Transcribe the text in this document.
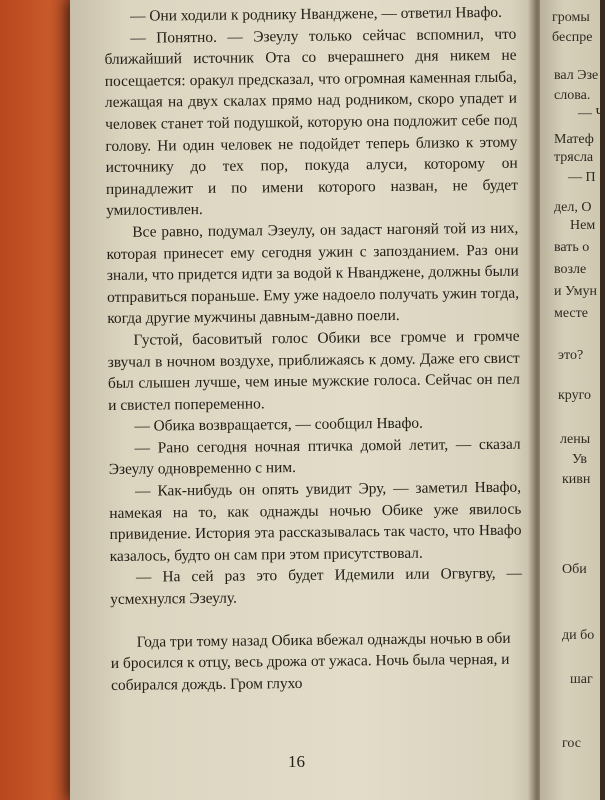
громы
беспре
вал Эзе
слова.
— Ч
Матеф
трясла
— П
дел, О
Нем
вать о
возле
и Умун
месте
это?
круго
лены
Ув
кивн
Оби
ди бо
шаг
гос

— Они ходили к роднику Нванджене, — ответил Нвафо.

— Понятно. — Эзеулу только сейчас вспомнил, что ближайший источник Ота со вчерашнего дня никем не посещается: оракул предсказал, что огромная каменная глыба, лежащая на двух скалах прямо над родником, скоро упадет и человек станет той подушкой, которую она подложит себе под голову. Ни один человек не подойдет теперь близко к этому источнику до тех пор, покуда алуси, которому он принадлежит и по имени которого назван, не будет умилостивлен.

Все равно, подумал Эзеулу, он задаст нагоняй той из них, которая принесет ему сегодня ужин с запозданием. Раз они знали, что придется идти за водой к Нванджене, должны были отправиться пораньше. Ему уже надоело получать ужин тогда, когда другие мужчины давным-давно поели.

Густой, басовитый голос Обики все громче и громче звучал в ночном воздухе, приближаясь к дому. Даже его свист был слышен лучше, чем иные мужские голоса. Сейчас он пел и свистел попеременно.

— Обика возвращается, — сообщил Нвафо.

— Рано сегодня ночная птичка домой летит, — сказал Эзеулу одновременно с ним.

— Как-нибудь он опять увидит Эру, — заметил Нвафо, намекая на то, как однажды ночью Обике уже явилось привидение. История эта рассказывалась так часто, что Нвафо казалось, будто он сам при этом присутствовал.

— На сей раз это будет Идемили или Огвугву, — усмехнулся Эзеулу.

Года три тому назад Обика вбежал однажды ночью в оби и бросился к отцу, весь дрожа от ужаса. Ночь была черная, и собирался дождь. Гром глухо

16
